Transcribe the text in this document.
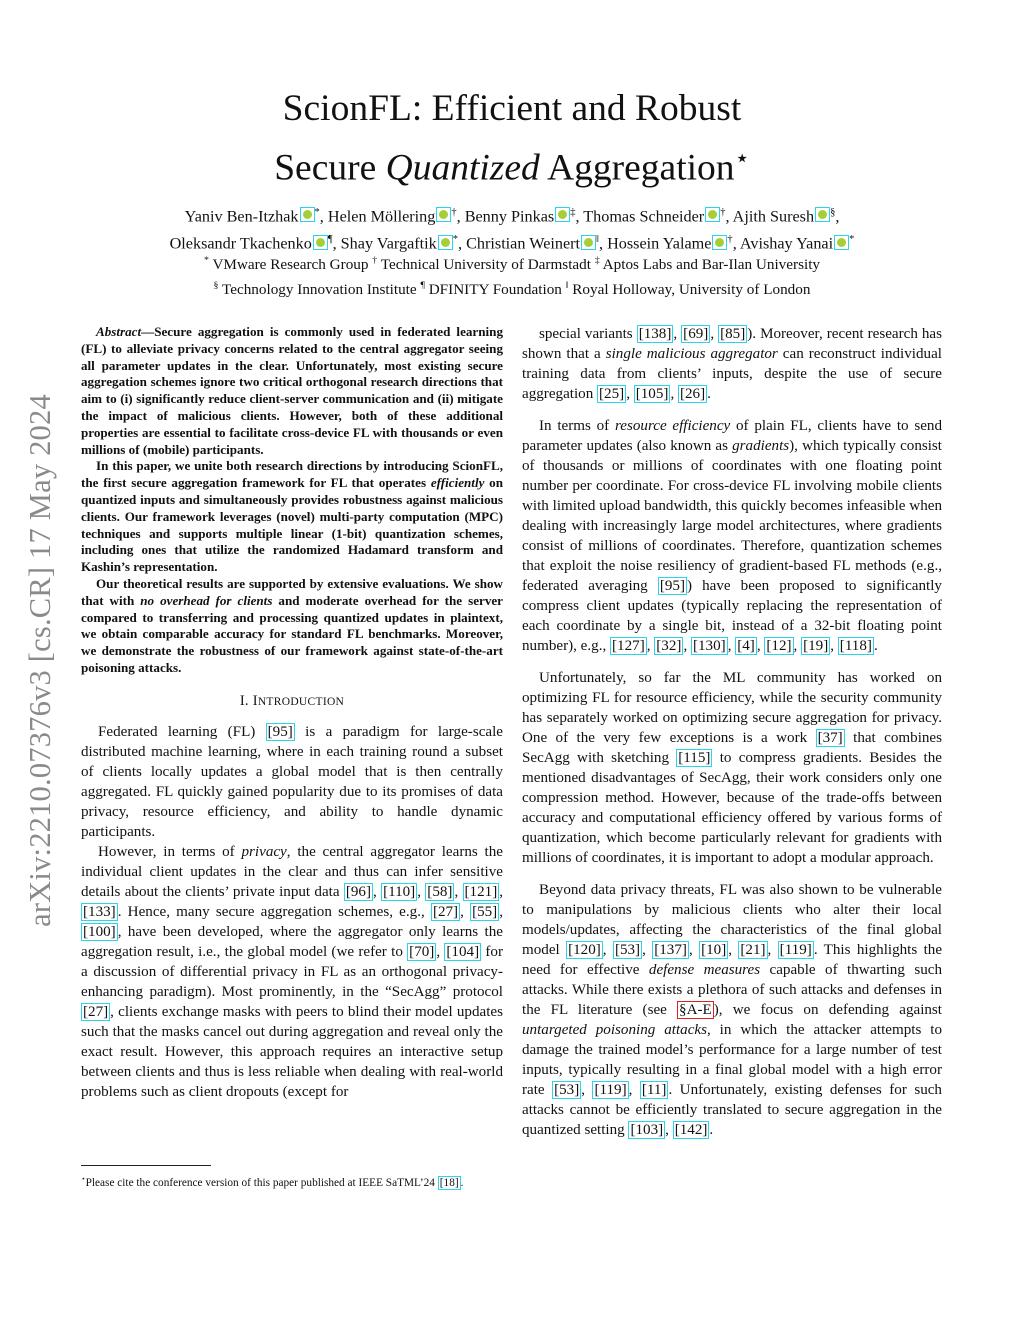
arXiv:2210.07376v3 [cs.CR] 17 May 2024
ScionFL: Efficient and Robust
Secure Quantized Aggregation⋆
Yaniv Ben-Itzhak *, Helen Möllering †, Benny Pinkas ‡, Thomas Schneider †, Ajith Suresh §,
Oleksandr Tkachenko ¶, Shay Vargaftik *, Christian Weinert ‖, Hossein Yalame †, Avishay Yanai *
* VMware Research Group † Technical University of Darmstadt ‡ Aptos Labs and Bar-Ilan University
§ Technology Innovation Institute ¶ DFINITY Foundation ‖ Royal Holloway, University of London

Abstract—Secure aggregation is commonly used in federated learning (FL) to alleviate privacy concerns related to the central aggregator seeing all parameter updates in the clear. Unfortunately, most existing secure aggregation schemes ignore two critical orthogonal research directions that aim to (i) significantly reduce client-server communication and (ii) mitigate the impact of malicious clients. However, both of these additional properties are essential to facilitate cross-device FL with thousands or even millions of (mobile) participants.

In this paper, we unite both research directions by introducing ScionFL, the first secure aggregation framework for FL that operates efficiently on quantized inputs and simultaneously provides robustness against malicious clients. Our framework leverages (novel) multi-party computation (MPC) techniques and supports multiple linear (1-bit) quantization schemes, including ones that utilize the randomized Hadamard transform and Kashin’s representation.

Our theoretical results are supported by extensive evaluations. We show that with no overhead for clients and moderate overhead for the server compared to transferring and processing quantized updates in plaintext, we obtain comparable accuracy for standard FL benchmarks. Moreover, we demonstrate the robustness of our framework against state-of-the-art poisoning attacks.

I. INTRODUCTION

Federated learning (FL) [95] is a paradigm for large-scale distributed machine learning, where in each training round a subset of clients locally updates a global model that is then centrally aggregated. FL quickly gained popularity due to its promises of data privacy, resource efficiency, and ability to handle dynamic participants.

However, in terms of privacy, the central aggregator learns the individual client updates in the clear and thus can infer sensitive details about the clients’ private input data [96] , [110] , [58] , [121] , [133] . Hence, many secure aggregation schemes, e.g., [27] , [55] , [100] , have been developed, where the aggregator only learns the aggregation result, i.e., the global model (we refer to [70] , [104] for a discussion of differential privacy in FL as an orthogonal privacy-enhancing paradigm). Most prominently, in the “SecAgg” protocol [27] , clients exchange masks with peers to blind their model updates such that the masks cancel out during aggregation and reveal only the exact result. However, this approach requires an interactive setup between clients and thus is less reliable when dealing with real-world problems such as client dropouts (except for

special variants [138] , [69] , [85] ). Moreover, recent research has shown that a single malicious aggregator can reconstruct individual training data from clients’ inputs, despite the use of secure aggregation [25] , [105] , [26] .

In terms of resource efficiency of plain FL, clients have to send parameter updates (also known as gradients), which typically consist of thousands or millions of coordinates with one floating point number per coordinate. For cross-device FL involving mobile clients with limited upload bandwidth, this quickly becomes infeasible when dealing with increasingly large model architectures, where gradients consist of millions of coordinates. Therefore, quantization schemes that exploit the noise resiliency of gradient-based FL methods (e.g., federated averaging [95] ) have been proposed to significantly compress client updates (typically replacing the representation of each coordinate by a single bit, instead of a 32-bit floating point number), e.g., [127] , [32] , [130] , [4] , [12] , [19] , [118] .

Unfortunately, so far the ML community has worked on optimizing FL for resource efficiency, while the security community has separately worked on optimizing secure aggregation for privacy. One of the very few exceptions is a work [37] that combines SecAgg with sketching [115] to compress gradients. Besides the mentioned disadvantages of SecAgg, their work considers only one compression method. However, because of the trade-offs between accuracy and computational efficiency offered by various forms of quantization, which become particularly relevant for gradients with millions of coordinates, it is important to adopt a modular approach.

Beyond data privacy threats, FL was also shown to be vulnerable to manipulations by malicious clients who alter their local models/updates, affecting the characteristics of the final global model [120] , [53] , [137] , [10] , [21] , [119] . This highlights the need for effective defense measures capable of thwarting such attacks. While there exists a plethora of such attacks and defenses in the FL literature (see §A-E ), we focus on defending against untargeted poisoning attacks, in which the attacker attempts to damage the trained model’s performance for a large number of test inputs, typically resulting in a final global model with a high error rate [53] , [119] , [11] . Unfortunately, existing defenses for such attacks cannot be efficiently translated to secure aggregation in the quantized setting [103] , [142] .

⋆Please cite the conference version of this paper published at IEEE SaTML’24 [18] .
